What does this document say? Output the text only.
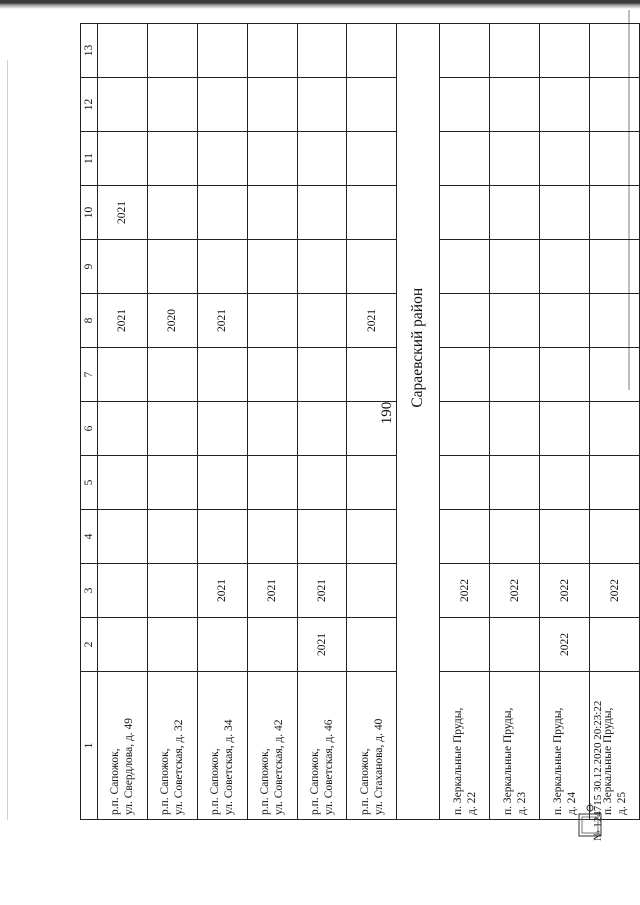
190
1	2	3	4	5	6	7	8	9	10	11	12	13

р.п. Сапожок, ул. Свердлова, д. 49							2021		2021			

р.п. Сапожок, ул. Советская, д. 32							2020					

р.п. Сапожок, ул. Советская, д. 34		2021					2021					

р.п. Сапожок, ул. Советская, д. 42		2021										

р.п. Сапожок, ул. Советская, д. 46	2021	2021										

р.п. Сапожок, ул. Стаханова, д. 40							2021					
	Сараевский район											

п. Зеркальные Пруды, д. 22		2022										

п. Зеркальные Пруды, д. 23		2022										

п. Зеркальные Пруды, д. 24	2022	2022										

п. Зеркальные Пруды, д. 25		2022										
№ 124715 30.12.2020 20:23:22
